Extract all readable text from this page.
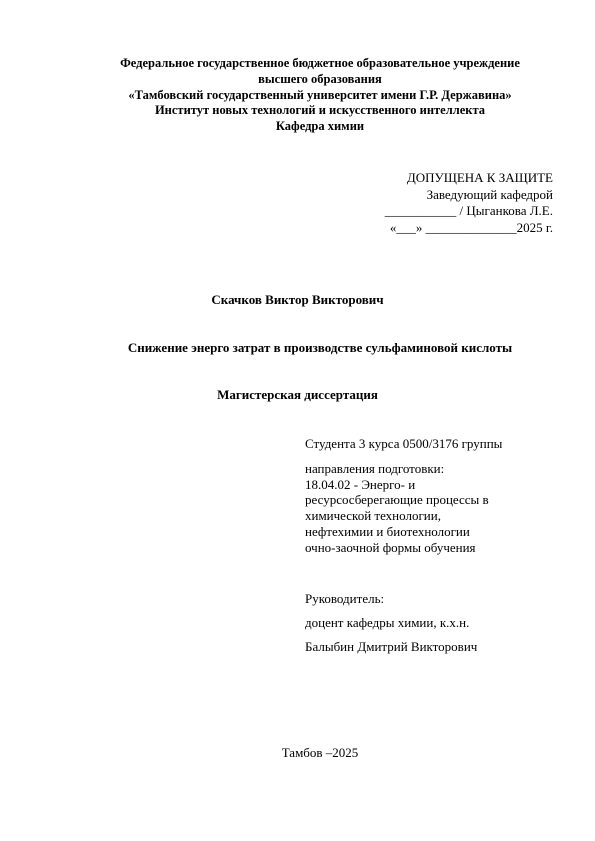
Федеральное государственное бюджетное образовательное учреждение
высшего образования
«Тамбовский государственный университет имени Г.Р. Державина»
Институт новых технологий и искусственного интеллекта
Кафедра химии
ДОПУЩЕНА К ЗАЩИТЕ
Заведующий кафедрой
___________ / Цыганкова Л.Е.
«___» ______________2025 г.
Скачков Виктор Викторович
Снижение энерго затрат в производстве сульфаминовой кислоты
Магистерская диссертация
Студента 3 курса 0500/3176 группы
направления подготовки:
18.04.02 - Энерго- и
ресурсосберегающие процессы в
химической технологии,
нефтехимии и биотехнологии
очно-заочной формы обучения
Руководитель:
доцент кафедры химии, к.х.н.
Балыбин Дмитрий Викторович
Тамбов –2025
